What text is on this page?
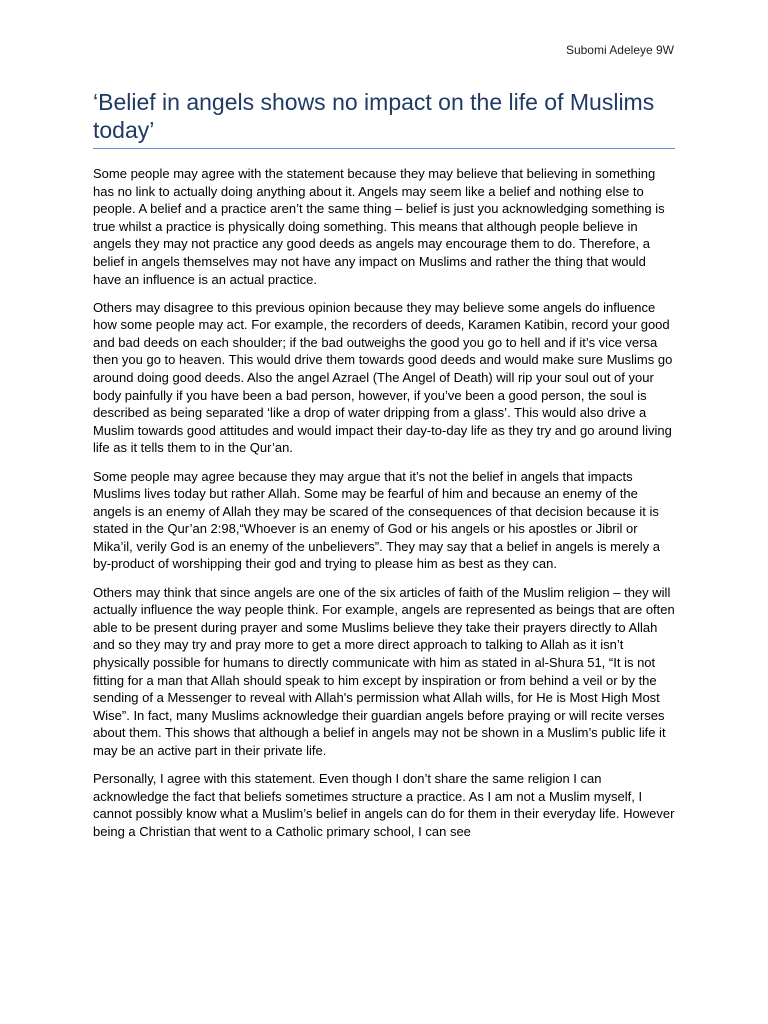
Subomi Adeleye 9W
‘Belief in angels shows no impact on the life of Muslims today’

Some people may agree with the statement because they may believe that believing in something has no link to actually doing anything about it. Angels may seem like a belief and nothing else to people. A belief and a practice aren’t the same thing – belief is just you acknowledging something is true whilst a practice is physically doing something. This means that although people believe in angels they may not practice any good deeds as angels may encourage them to do. Therefore, a belief in angels themselves may not have any impact on Muslims and rather the thing that would have an influence is an actual practice.

Others may disagree to this previous opinion because they may believe some angels do influence how some people may act. For example, the recorders of deeds, Karamen Katibin, record your good and bad deeds on each shoulder; if the bad outweighs the good you go to hell and if it’s vice versa then you go to heaven. This would drive them towards good deeds and would make sure Muslims go around doing good deeds. Also the angel Azrael (The Angel of Death) will rip your soul out of your body painfully if you have been a bad person, however, if you’ve been a good person, the soul is described as being separated ‘like a drop of water dripping from a glass’. This would also drive a Muslim towards good attitudes and would impact their day-to-day life as they try and go around living life as it tells them to in the Qur’an.

Some people may agree because they may argue that it’s not the belief in angels that impacts Muslims lives today but rather Allah. Some may be fearful of him and because an enemy of the angels is an enemy of Allah they may be scared of the consequences of that decision because it is stated in the Qur’an 2:98,“Whoever is an enemy of God or his angels or his apostles or Jibril or Mika’il, verily God is an enemy of the unbelievers”. They may say that a belief in angels is merely a by-product of worshipping their god and trying to please him as best as they can.

Others may think that since angels are one of the six articles of faith of the Muslim religion – they will actually influence the way people think. For example, angels are represented as beings that are often able to be present during prayer and some Muslims believe they take their prayers directly to Allah and so they may try and pray more to get a more direct approach to talking to Allah as it isn’t physically possible for humans to directly communicate with him as stated in al-Shura 51, “It is not fitting for a man that Allah should speak to him except by inspiration or from behind a veil or by the sending of a Messenger to reveal with Allah's permission what Allah wills, for He is Most High Most Wise”. In fact, many Muslims acknowledge their guardian angels before praying or will recite verses about them. This shows that although a belief in angels may not be shown in a Muslim’s public life it may be an active part in their private life.

Personally, I agree with this statement. Even though I don’t share the same religion I can acknowledge the fact that beliefs sometimes structure a practice. As I am not a Muslim myself, I cannot possibly know what a Muslim’s belief in angels can do for them in their everyday life. However being a Christian that went to a Catholic primary school, I can see
